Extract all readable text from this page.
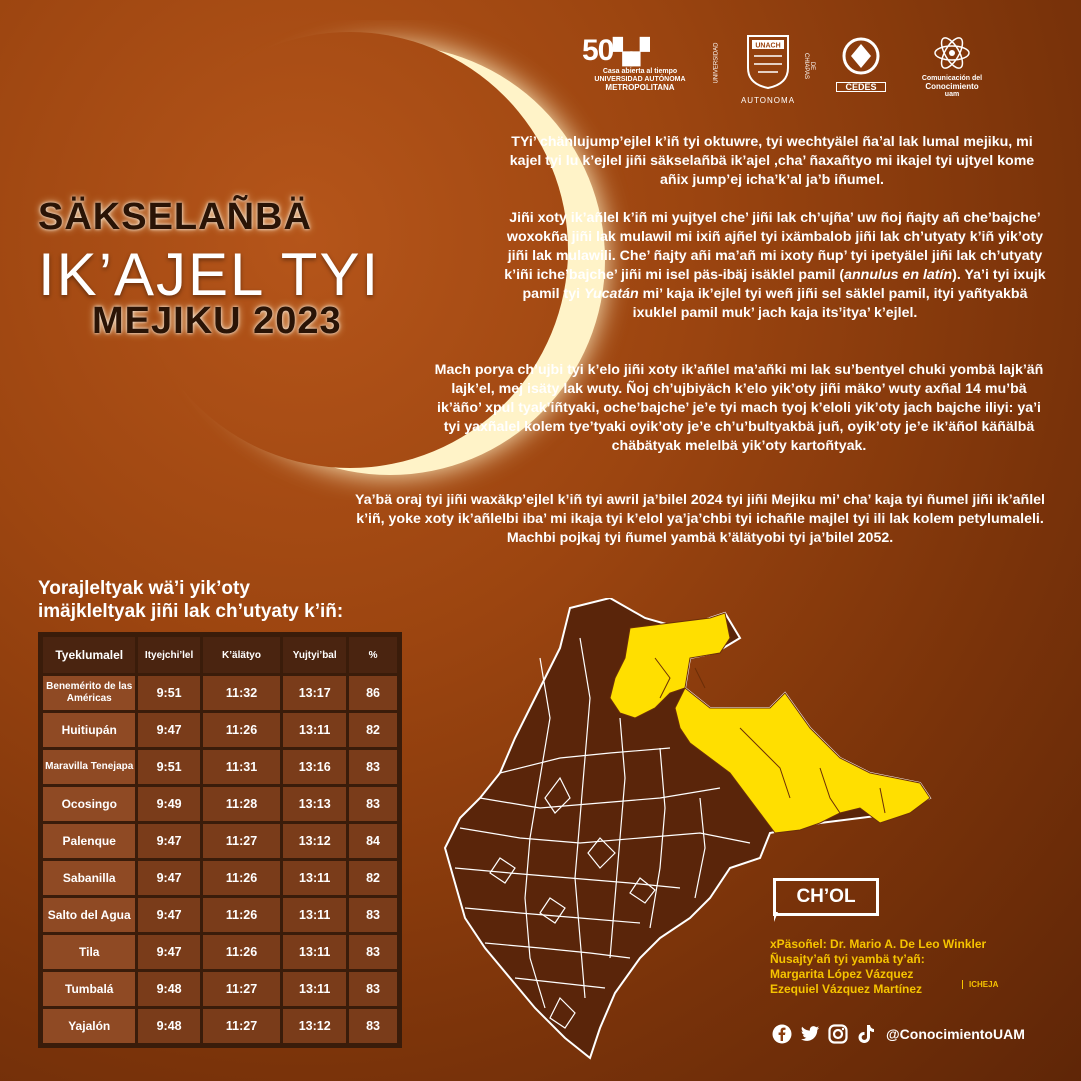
SÄKSELAÑBÄ
IK’AJEL TYI
MEJIKU 2023
50▚▞
Casa abierta al tiempo
UNIVERSIDAD AUTÓNOMA
METROPOLITANA
UNIVERSIDAD	DE CHIAPAS
UNACH
AUTONOMA
CEDES
Comunicación del
Conocimiento
uam
TYi’ chänlujump’ejlel k’iñ tyi oktuwre, tyi wechtyälel ñaʼal lak lumal mejiku, mi kajel tyi lu k’ejlel jiñi säkselañbä ik’ajel ,cha’ ñaxañtyo mi ikajel tyi ujtyel kome añix jump’ej icha’k’al ja’b iñumel.
Jiñi xoty ik’añlel k’iñ mi yujtyel che’ jiñi lak ch’ujña’ uw ñoj ñajty añ che’bajche’ woxokña jiñi lak mulawil mi ixiñ ajñel tyi ixämbalob jiñi lak ch’utyaty k’iñ yik’oty jiñi lak mulawili. Che’ ñajty añi ma’añ mi ixoty ñup’ tyi ipetyälel jiñi lak ch’utyaty k’iñi iche’bajche’ jiñi mi isel päs-ibäj isäklel pamil (annulus en latín). Ya’i tyi ixujk pamil tyi Yucatán mi’ kaja ik’ejlel tyi weñ jiñi sel säklel pamil, ityi yañtyakbä ixuklel pamil muk’ jach kaja its’itya’ k’ejlel.
Mach porya ch’ujbi tyi k’elo jiñi xoty ik’añlel ma’añki mi lak su’bentyel chuki yombä lajk’äñ lajk’el, mej isäty lak wuty. Ñoj ch’ujbiyäch k’elo yik’oty jiñi mäko’ wuty axñal 14 mu’bä ik’äño’ xpul tyak’iñtyaki, oche’bajche’ je’e tyi mach tyoj k’eloli yik’oty jach bajche iliyi: ya’i tyi yaxñalel kolem tye’tyaki oyik’oty je’e ch’u’bultyakbä juñ, oyik’oty je’e ik’äñol käñälbä chäbätyak melelbä yik’oty kartoñtyak.
Ya’bä oraj tyi jiñi waxäkp’ejlel k’iñ tyi awril ja’bilel 2024 tyi jiñi Mejiku mi’ cha’ kaja tyi ñumel jiñi ik’añlel k’iñ, yoke xoty ik’añlelbi iba’ mi ikaja tyi k’elol ya’ja’chbi tyi ichañle majlel tyi ili lak kolem petylumaleli. Machbi pojkaj tyi ñumel yambä k’älätyobi tyi ja’bilel 2052.
Yorajleltyak wä’i yik’oty
imäjkleltyak jiñi lak ch’utyaty k’iñ:
Tyeklumalel	Ityejchi’lel	K’älätyo	Yujtyi’bal	%
Benemérito de las Américas	9:51	11:32	13:17	86
Huitiupán	9:47	11:26	13:11	82
Maravilla Tenejapa	9:51	11:31	13:16	83
Ocosingo	9:49	11:28	13:13	83
Palenque	9:47	11:27	13:12	84
Sabanilla	9:47	11:26	13:11	82
Salto del Agua	9:47	11:26	13:11	83
Tila	9:47	11:26	13:11	83
Tumbalá	9:48	11:27	13:11	83
Yajalón	9:48	11:27	13:12	83
CH’OL
xPäsoñel: Dr. Mario A. De Leo Winkler
Ñusajty’añ tyi yambä ty’añ:
Margarita López Vázquez
Ezequiel Vázquez Martínez	ICHEJA
@ConocimientoUAM
